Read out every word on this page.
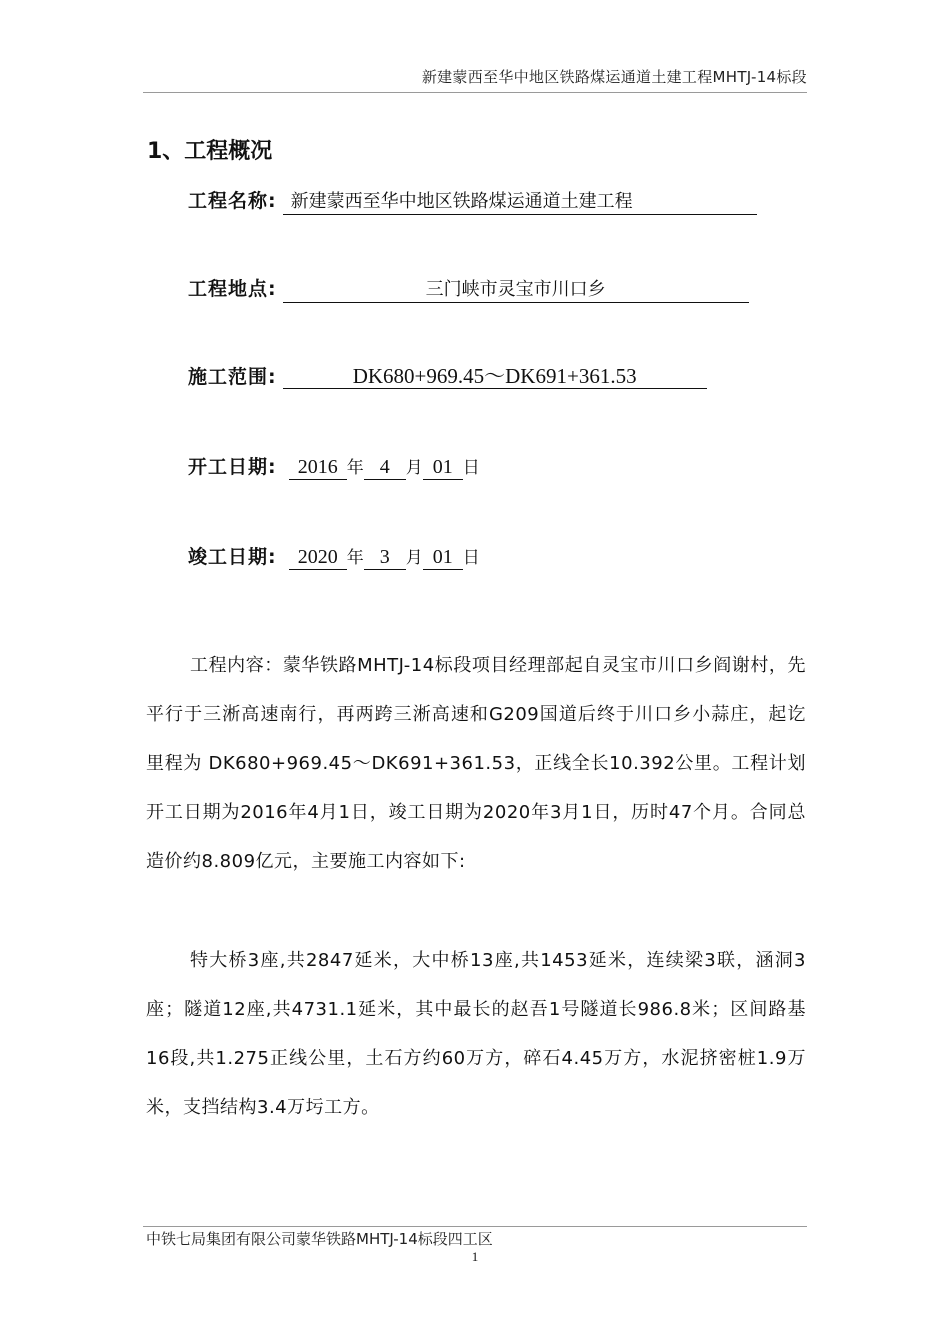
新建蒙西至华中地区铁路煤运通道土建工程MHTJ-14标段
1、工程概况
工程名称: 新建蒙西至华中地区铁路煤运通道土建工程
工程地点:	三门峡市灵宝市川口乡
施工范围:	DK680+969.45～DK691+361.53
开工日期: 2016 年 4 月 01 日
竣工日期: 2020 年 3 月 01 日

工程内容：蒙华铁路MHTJ-14标段项目经理部起自灵宝市川口乡阎谢村，先平行于三淅高速南行，再两跨三淅高速和G209国道后终于川口乡小蒜庄，起讫里程为 DK680+969.45～DK691+361.53，正线全长10.392公里。工程计划开工日期为2016年4月1日，竣工日期为2020年3月1日，历时47个月。合同总造价约8.809亿元，主要施工内容如下:

特大桥3座,共2847延米，大中桥13座,共1453延米，连续梁3联，涵洞3座；隧道12座,共4731.1延米，其中最长的赵吾1号隧道长986.8米；区间路基16段,共1.275正线公里，土石方约60万方，碎石4.45万方，水泥挤密桩1.9万米，支挡结构3.4万圬工方。

中铁七局集团有限公司蒙华铁路MHTJ-14标段四工区
1
